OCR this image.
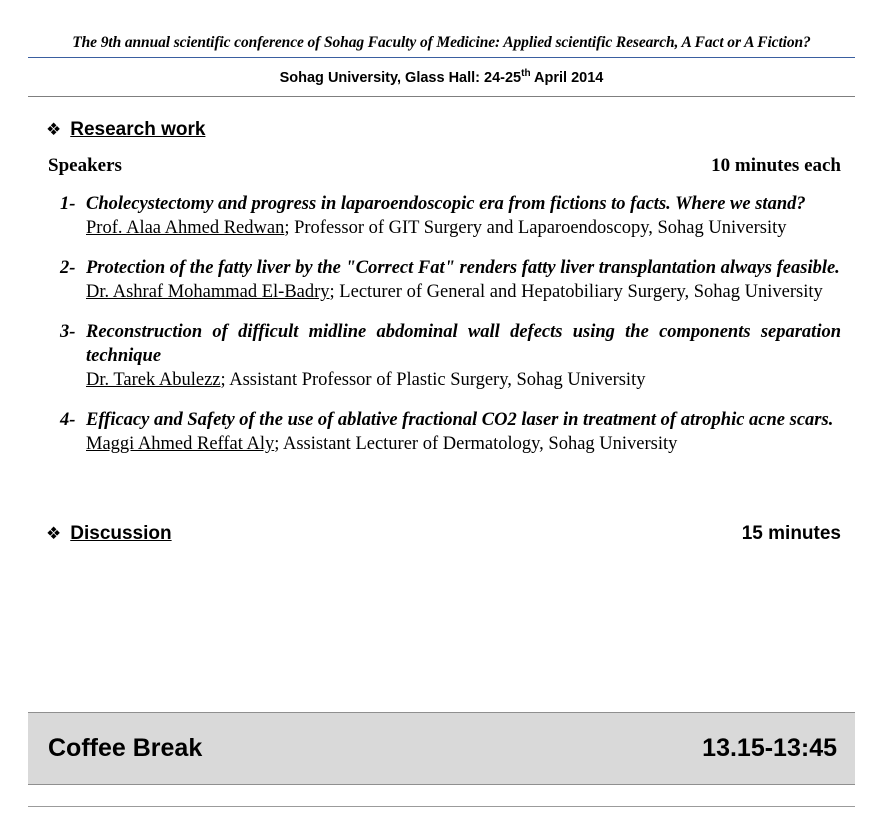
The 9th annual scientific conference of Sohag Faculty of Medicine: Applied scientific Research, A Fact or A Fiction?
Sohag University, Glass Hall: 24-25th April 2014
❖ Research work
Speakers	10 minutes each
1- Cholecystectomy and progress in laparoendoscopic era from fictions to facts. Where we stand?
Prof. Alaa Ahmed Redwan; Professor of GIT Surgery and Laparoendoscopy, Sohag University
2- Protection of the fatty liver by the "Correct Fat" renders fatty liver transplantation always feasible.
Dr. Ashraf Mohammad El-Badry; Lecturer of General and Hepatobiliary Surgery, Sohag University
3- Reconstruction of difficult midline abdominal wall defects using the components separation technique
Dr. Tarek Abulezz; Assistant Professor of Plastic Surgery, Sohag University
4- Efficacy and Safety of the use of ablative fractional CO2 laser in treatment of atrophic acne scars.
Maggi Ahmed Reffat Aly; Assistant Lecturer of Dermatology, Sohag University
❖ Discussion	15 minutes
Coffee Break	13.15-13:45
